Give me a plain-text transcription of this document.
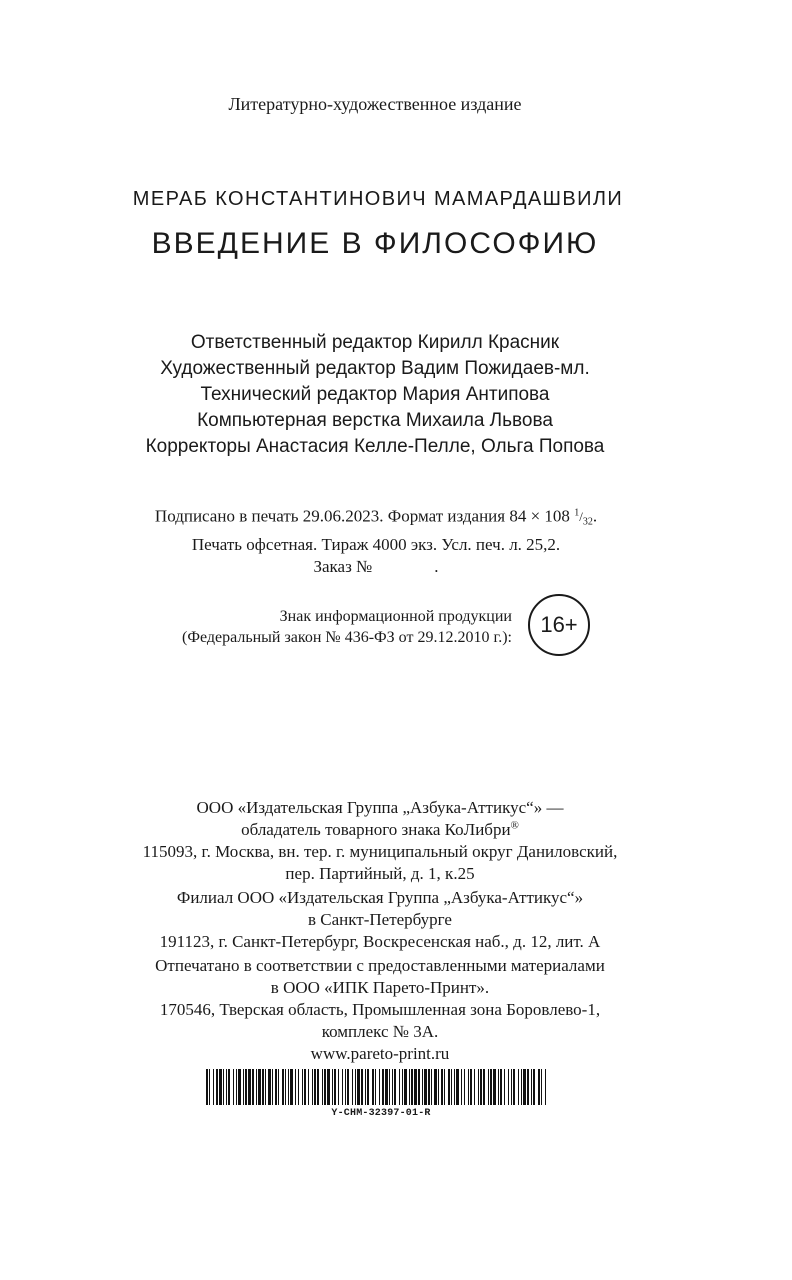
Литературно-художественное издание
МЕРАБ КОНСТАНТИНОВИЧ МАМАРДАШВИЛИ
ВВЕДЕНИЕ В ФИЛОСОФИЮ
Ответственный редактор Кирилл Красник
Художественный редактор Вадим Пожидаев-мл.
Технический редактор Мария Антипова
Компьютерная верстка Михаила Львова
Корректоры Анастасия Келле-Пелле, Ольга Попова
Подписано в печать 29.06.2023. Формат издания 84 × 108 $^1/_{32}$.
Печать офсетная. Тираж 4000 экз. Усл. печ. л. 25,2.
Заказ №	.
Знак информационной продукции
(Федеральный закон № 436-ФЗ от 29.12.2010 г.):
16+
ООО «Издательская Группа „Азбука-Аттикус“» —
обладатель товарного знака КоЛибри®
115093, г. Москва, вн. тер. г. муниципальный округ Даниловский,
пер. Партийный, д. 1, к.25
Филиал ООО «Издательская Группа „Азбука-Аттикус“»
в Санкт-Петербурге
191123, г. Санкт-Петербург, Воскресенская наб., д. 12, лит. А
Отпечатано в соответствии с предоставленными материалами
в ООО «ИПК Парето-Принт».
170546, Тверская область, Промышленная зона Боровлево-1,
комплекс № 3А.
www.pareto-print.ru
Y-CHM-32397-01-R
